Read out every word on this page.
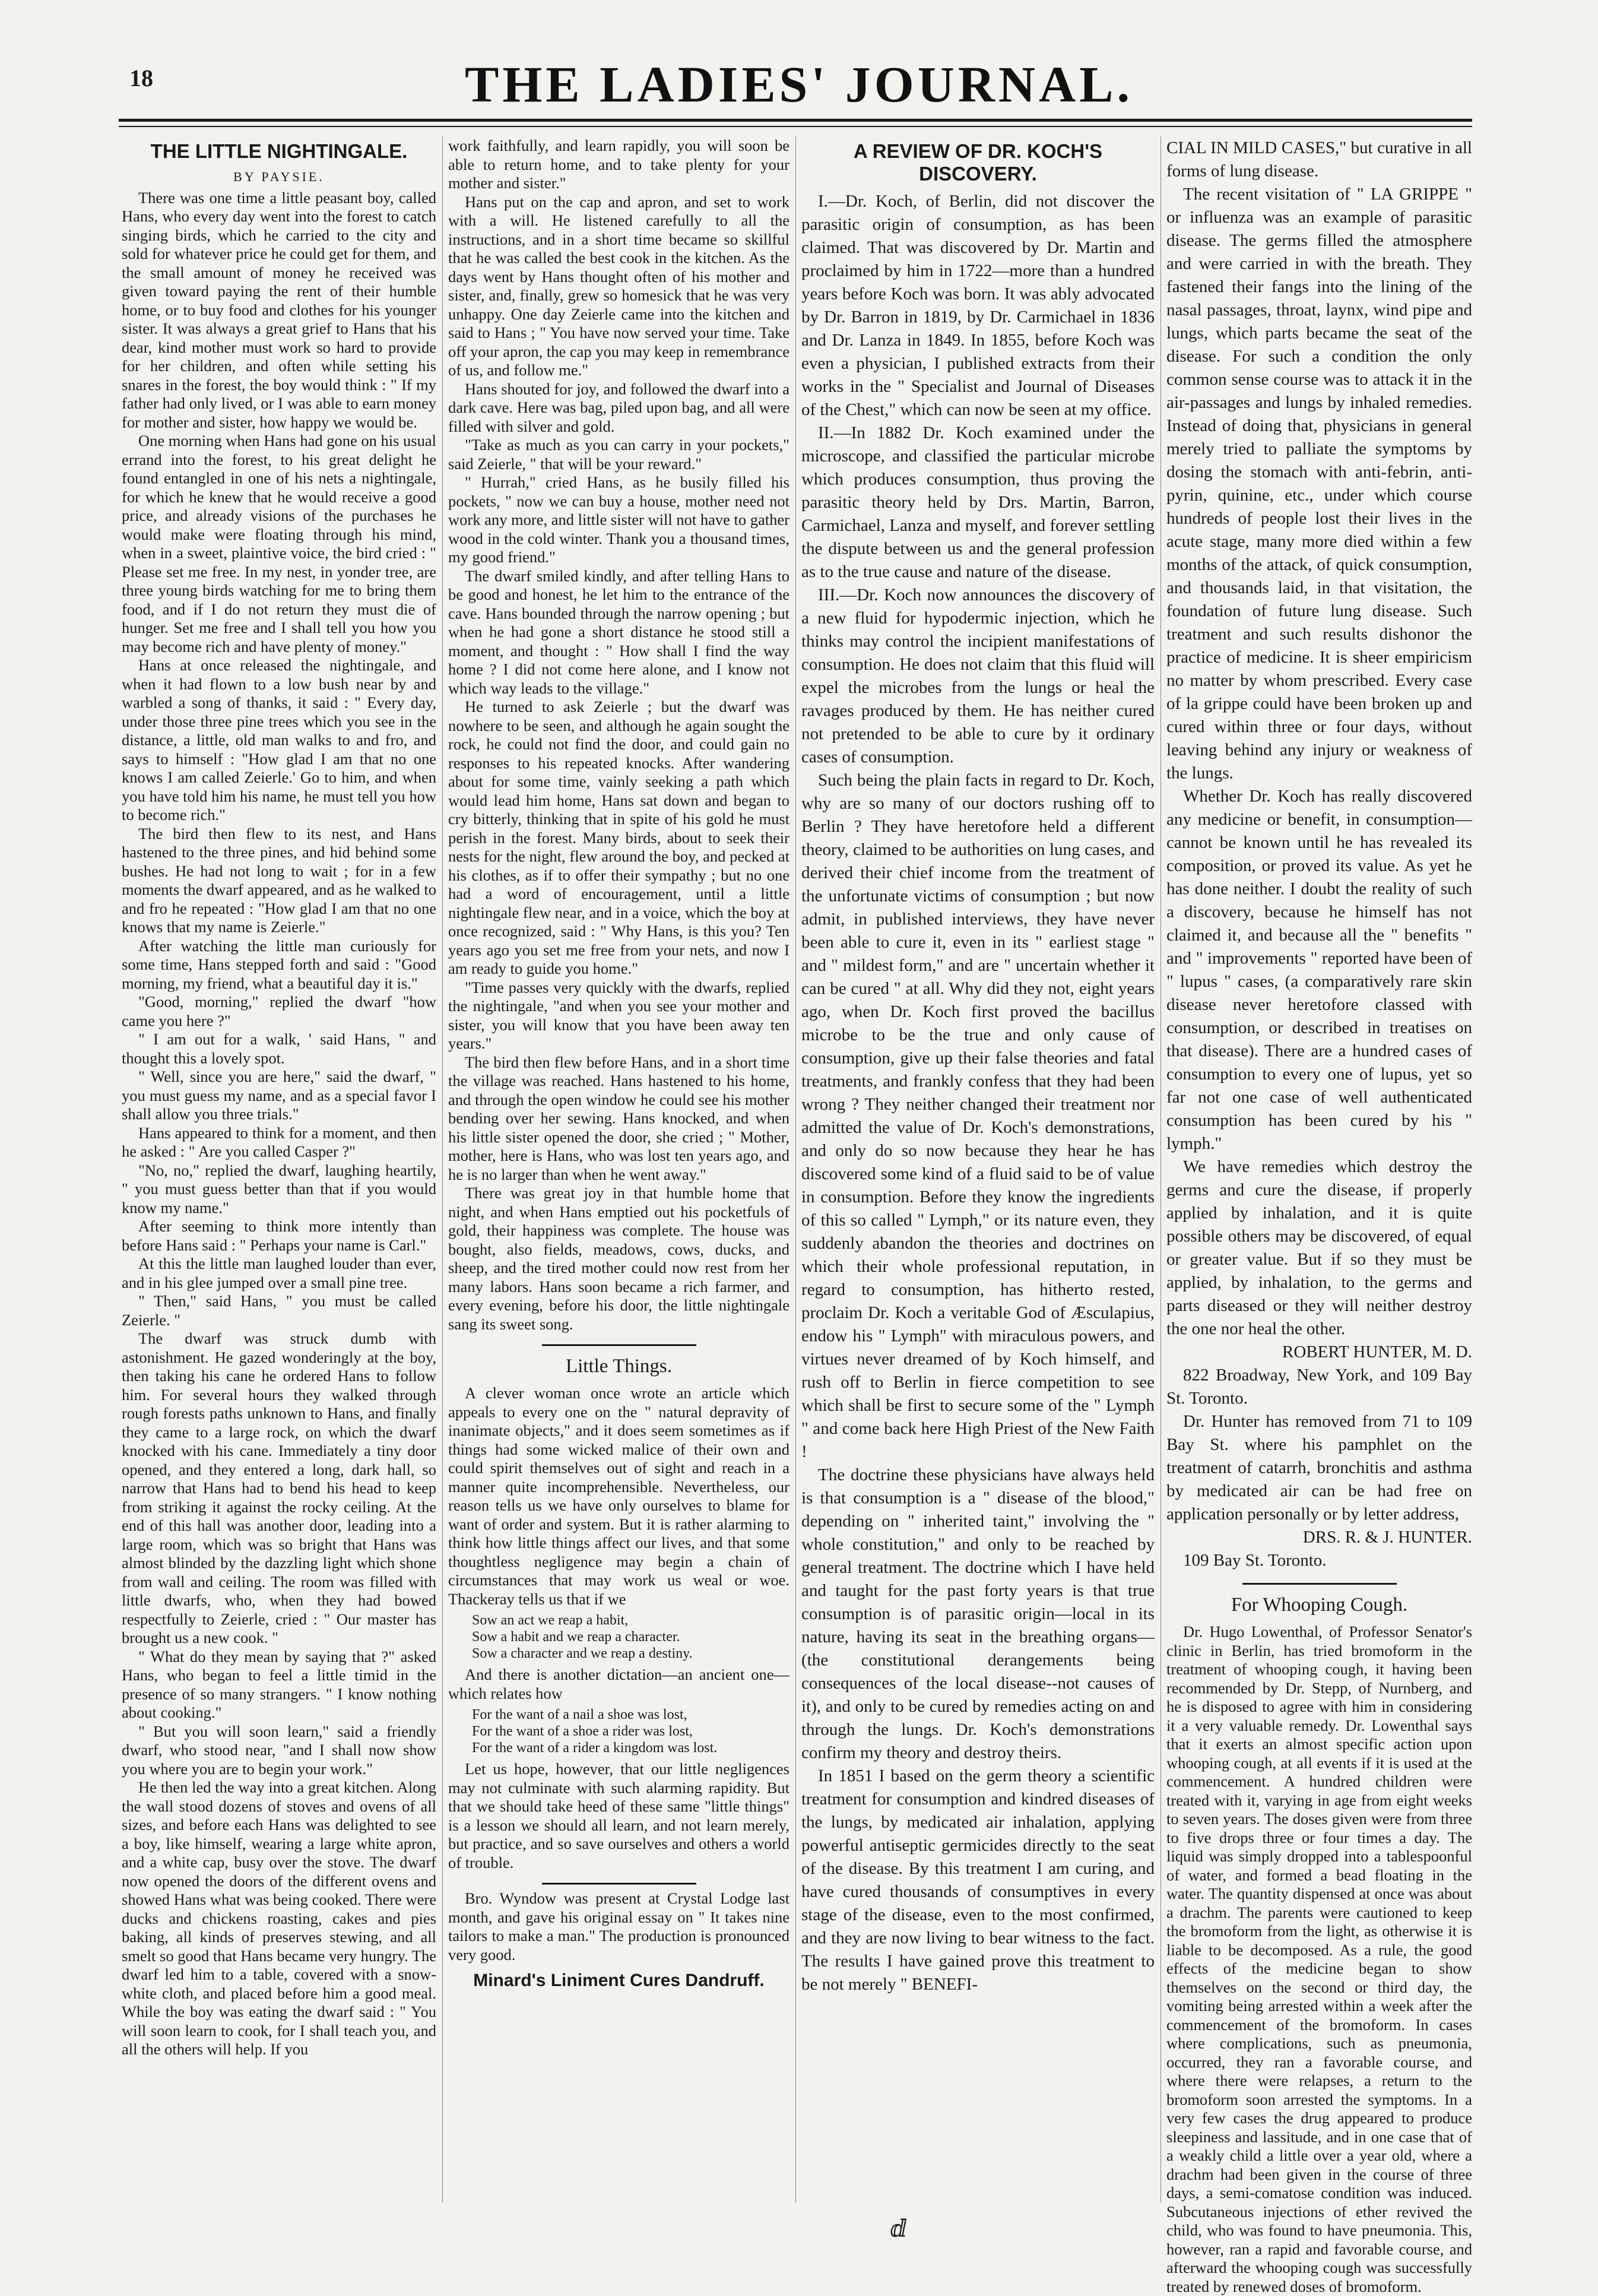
18	THE LADIES' JOURNAL.
THE LITTLE NIGHTINGALE.
BY PAYSIE.

There was one time a little peasant boy, called Hans, who every day went into the forest to catch singing birds, which he carried to the city and sold for whatever price he could get for them, and the small amount of money he received was given toward paying the rent of their humble home, or to buy food and clothes for his younger sister. It was always a great grief to Hans that his dear, kind mother must work so hard to provide for her children, and often while setting his snares in the forest, the boy would think : " If my father had only lived, or I was able to earn money for mother and sister, how happy we would be.

One morning when Hans had gone on his usual errand into the forest, to his great delight he found entangled in one of his nets a nightingale, for which he knew that he would receive a good price, and already visions of the purchases he would make were floating through his mind, when in a sweet, plaintive voice, the bird cried : " Please set me free. In my nest, in yonder tree, are three young birds watching for me to bring them food, and if I do not return they must die of hunger. Set me free and I shall tell you how you may become rich and have plenty of money."

Hans at once released the nightingale, and when it had flown to a low bush near by and warbled a song of thanks, it said : " Every day, under those three pine trees which you see in the distance, a little, old man walks to and fro, and says to himself : "How glad I am that no one knows I am called Zeierle.' Go to him, and when you have told him his name, he must tell you how to become rich."

The bird then flew to its nest, and Hans hastened to the three pines, and hid behind some bushes. He had not long to wait ; for in a few moments the dwarf appeared, and as he walked to and fro he repeated : "How glad I am that no one knows that my name is Zeierle."

After watching the little man curiously for some time, Hans stepped forth and said : "Good morning, my friend, what a beautiful day it is."

"Good, morning," replied the dwarf "how came you here ?"

" I am out for a walk, ' said Hans, " and thought this a lovely spot.

" Well, since you are here," said the dwarf, " you must guess my name, and as a special favor I shall allow you three trials."

Hans appeared to think for a moment, and then he asked : " Are you called Casper ?"

"No, no," replied the dwarf, laughing heartily, " you must guess better than that if you would know my name."

After seeming to think more intently than before Hans said : " Perhaps your name is Carl."

At this the little man laughed louder than ever, and in his glee jumped over a small pine tree.

" Then," said Hans, " you must be called Zeierle. "

The dwarf was struck dumb with astonishment. He gazed wonderingly at the boy, then taking his cane he ordered Hans to follow him. For several hours they walked through rough forests paths unknown to Hans, and finally they came to a large rock, on which the dwarf knocked with his cane. Immediately a tiny door opened, and they entered a long, dark hall, so narrow that Hans had to bend his head to keep from striking it against the rocky ceiling. At the end of this hall was another door, leading into a large room, which was so bright that Hans was almost blinded by the dazzling light which shone from wall and ceiling. The room was filled with little dwarfs, who, when they had bowed respectfully to Zeierle, cried : " Our master has brought us a new cook. "

" What do they mean by saying that ?" asked Hans, who began to feel a little timid in the presence of so many strangers. " I know nothing about cooking."

" But you will soon learn," said a friendly dwarf, who stood near, "and I shall now show you where you are to begin your work."

He then led the way into a great kitchen. Along the wall stood dozens of stoves and ovens of all sizes, and before each Hans was delighted to see a boy, like himself, wearing a large white apron, and a white cap, busy over the stove. The dwarf now opened the doors of the different ovens and showed Hans what was being cooked. There were ducks and chickens roasting, cakes and pies baking, all kinds of preserves stewing, and all smelt so good that Hans became very hungry. The dwarf led him to a table, covered with a snow-white cloth, and placed before him a good meal. While the boy was eating the dwarf said : " You will soon learn to cook, for I shall teach you, and all the others will help. If you

work faithfully, and learn rapidly, you will soon be able to return home, and to take plenty for your mother and sister."

Hans put on the cap and apron, and set to work with a will. He listened carefully to all the instructions, and in a short time became so skillful that he was called the best cook in the kitchen. As the days went by Hans thought often of his mother and sister, and, finally, grew so homesick that he was very unhappy. One day Zeierle came into the kitchen and said to Hans ; " You have now served your time. Take off your apron, the cap you may keep in remembrance of us, and follow me."

Hans shouted for joy, and followed the dwarf into a dark cave. Here was bag, piled upon bag, and all were filled with silver and gold.

"Take as much as you can carry in your pockets," said Zeierle, " that will be your reward."

" Hurrah," cried Hans, as he busily filled his pockets, " now we can buy a house, mother need not work any more, and little sister will not have to gather wood in the cold winter. Thank you a thousand times, my good friend."

The dwarf smiled kindly, and after telling Hans to be good and honest, he let him to the entrance of the cave. Hans bounded through the narrow opening ; but when he had gone a short distance he stood still a moment, and thought : " How shall I find the way home ? I did not come here alone, and I know not which way leads to the village."

He turned to ask Zeierle ; but the dwarf was nowhere to be seen, and although he again sought the rock, he could not find the door, and could gain no responses to his repeated knocks. After wandering about for some time, vainly seeking a path which would lead him home, Hans sat down and began to cry bitterly, thinking that in spite of his gold he must perish in the forest. Many birds, about to seek their nests for the night, flew around the boy, and pecked at his clothes, as if to offer their sympathy ; but no one had a word of encouragement, until a little nightingale flew near, and in a voice, which the boy at once recognized, said : " Why Hans, is this you? Ten years ago you set me free from your nets, and now I am ready to guide you home."

"Time passes very quickly with the dwarfs, replied the nightingale, "and when you see your mother and sister, you will know that you have been away ten years."

The bird then flew before Hans, and in a short time the village was reached. Hans hastened to his home, and through the open window he could see his mother bending over her sewing. Hans knocked, and when his little sister opened the door, she cried ; " Mother, mother, here is Hans, who was lost ten years ago, and he is no larger than when he went away."

There was great joy in that humble home that night, and when Hans emptied out his pocketfuls of gold, their happiness was complete. The house was bought, also fields, meadows, cows, ducks, and sheep, and the tired mother could now rest from her many labors. Hans soon became a rich farmer, and every evening, before his door, the little nightingale sang its sweet song.

Little Things.

A clever woman once wrote an article which appeals to every one on the " natural depravity of inanimate objects," and it does seem sometimes as if things had some wicked malice of their own and could spirit themselves out of sight and reach in a manner quite incomprehensible. Nevertheless, our reason tells us we have only ourselves to blame for want of order and system. But it is rather alarming to think how little things affect our lives, and that some thoughtless negligence may begin a chain of circumstances that may work us weal or woe. Thackeray tells us that if we

Sow an act we reap a habit,
Sow a habit and we reap a character.
Sow a character and we reap a destiny.

And there is another dictation—an ancient one—which relates how

For the want of a nail a shoe was lost,
For the want of a shoe a rider was lost,
For the want of a rider a kingdom was lost.

Let us hope, however, that our little negligences may not culminate with such alarming rapidity. But that we should take heed of these same "little things" is a lesson we should all learn, and not learn merely, but practice, and so save ourselves and others a world of trouble.

Bro. Wyndow was present at Crystal Lodge last month, and gave his original essay on " It takes nine tailors to make a man." The production is pronounced very good.

Minard's Liniment Cures Dandruff.
A REVIEW OF DR. KOCH'S DISCOVERY.

I.—Dr. Koch, of Berlin, did not discover the parasitic origin of consumption, as has been claimed. That was discovered by Dr. Martin and proclaimed by him in 1722—more than a hundred years before Koch was born. It was ably advocated by Dr. Barron in 1819, by Dr. Carmichael in 1836 and Dr. Lanza in 1849. In 1855, before Koch was even a physician, I published extracts from their works in the " Specialist and Journal of Diseases of the Chest," which can now be seen at my office.

II.—In 1882 Dr. Koch examined under the microscope, and classified the particular microbe which produces consumption, thus proving the parasitic theory held by Drs. Martin, Barron, Carmichael, Lanza and myself, and forever settling the dispute between us and the general profession as to the true cause and nature of the disease.

III.—Dr. Koch now announces the discovery of a new fluid for hypodermic injection, which he thinks may control the incipient manifestations of consumption. He does not claim that this fluid will expel the microbes from the lungs or heal the ravages produced by them. He has neither cured not pretended to be able to cure by it ordinary cases of consumption.

Such being the plain facts in regard to Dr. Koch, why are so many of our doctors rushing off to Berlin ? They have heretofore held a different theory, claimed to be authorities on lung cases, and derived their chief income from the treatment of the unfortunate victims of consumption ; but now admit, in published interviews, they have never been able to cure it, even in its " earliest stage " and " mildest form," and are " uncertain whether it can be cured " at all. Why did they not, eight years ago, when Dr. Koch first proved the bacillus microbe to be the true and only cause of consumption, give up their false theories and fatal treatments, and frankly confess that they had been wrong ? They neither changed their treatment nor admitted the value of Dr. Koch's demonstrations, and only do so now because they hear he has discovered some kind of a fluid said to be of value in consumption. Before they know the ingredients of this so called " Lymph," or its nature even, they suddenly abandon the theories and doctrines on which their whole professional reputation, in regard to consumption, has hitherto rested, proclaim Dr. Koch a veritable God of Æsculapius, endow his " Lymph" with miraculous powers, and virtues never dreamed of by Koch himself, and rush off to Berlin in fierce competition to see which shall be first to secure some of the " Lymph " and come back here High Priest of the New Faith !

The doctrine these physicians have always held is that consumption is a " disease of the blood," depending on " inherited taint," involving the " whole constitution," and only to be reached by general treatment. The doctrine which I have held and taught for the past forty years is that true consumption is of parasitic origin—local in its nature, having its seat in the breathing organs—(the constitutional derangements being consequences of the local disease--not causes of it), and only to be cured by remedies acting on and through the lungs. Dr. Koch's demonstrations confirm my theory and destroy theirs.

In 1851 I based on the germ theory a scientific treatment for consumption and kindred diseases of the lungs, by medicated air inhalation, applying powerful antiseptic germicides directly to the seat of the disease. By this treatment I am curing, and have cured thousands of consumptives in every stage of the disease, even to the most confirmed, and they are now living to bear witness to the fact. The results I have gained prove this treatment to be not merely " BENEFI-

CIAL IN MILD CASES," but curative in all forms of lung disease.

The recent visitation of " LA GRIPPE " or influenza was an example of parasitic disease. The germs filled the atmosphere and were carried in with the breath. They fastened their fangs into the lining of the nasal passages, throat, laynx, wind pipe and lungs, which parts became the seat of the disease. For such a condition the only common sense course was to attack it in the air-passages and lungs by inhaled remedies. Instead of doing that, physicians in general merely tried to palliate the symptoms by dosing the stomach with anti-febrin, anti-pyrin, quinine, etc., under which course hundreds of people lost their lives in the acute stage, many more died within a few months of the attack, of quick consumption, and thousands laid, in that visitation, the foundation of future lung disease. Such treatment and such results dishonor the practice of medicine. It is sheer empiricism no matter by whom prescribed. Every case of la grippe could have been broken up and cured within three or four days, without leaving behind any injury or weakness of the lungs.

Whether Dr. Koch has really discovered any medicine or benefit, in consumption—cannot be known until he has revealed its composition, or proved its value. As yet he has done neither. I doubt the reality of such a discovery, because he himself has not claimed it, and because all the " benefits " and " improvements " reported have been of " lupus " cases, (a comparatively rare skin disease never heretofore classed with consumption, or described in treatises on that disease). There are a hundred cases of consumption to every one of lupus, yet so far not one case of well authenticated consumption has been cured by his " lymph."

We have remedies which destroy the germs and cure the disease, if properly applied by inhalation, and it is quite possible others may be discovered, of equal or greater value. But if so they must be applied, by inhalation, to the germs and parts diseased or they will neither destroy the one nor heal the other.

ROBERT HUNTER, M. D.

822 Broadway, New York, and 109 Bay St. Toronto.

Dr. Hunter has removed from 71 to 109 Bay St. where his pamphlet on the treatment of catarrh, bronchitis and asthma by medicated air can be had free on application personally or by letter address,

DRS. R. & J. HUNTER.

109 Bay St. Toronto.

For Whooping Cough.

Dr. Hugo Lowenthal, of Professor Senator's clinic in Berlin, has tried bromoform in the treatment of whooping cough, it having been recommended by Dr. Stepp, of Nurnberg, and he is disposed to agree with him in considering it a very valuable remedy. Dr. Lowenthal says that it exerts an almost specific action upon whooping cough, at all events if it is used at the commencement. A hundred children were treated with it, varying in age from eight weeks to seven years. The doses given were from three to five drops three or four times a day. The liquid was simply dropped into a tablespoonful of water, and formed a bead floating in the water. The quantity dispensed at once was about a drachm. The parents were cautioned to keep the bromoform from the light, as otherwise it is liable to be decomposed. As a rule, the good effects of the medicine began to show themselves on the second or third day, the vomiting being arrested within a week after the commencement of the bromoform. In cases where complications, such as pneumonia, occurred, they ran a favorable course, and where there were relapses, a return to the bromoform soon arrested the symptoms. In a very few cases the drug appeared to produce sleepiness and lassitude, and in one case that of a weakly child a little over a year old, where a drachm had been given in the course of three days, a semi-comatose condition was induced. Subcutaneous injections of ether revived the child, who was found to have pneumonia. This, however, ran a rapid and favorable course, and afterward the whooping cough was successfully treated by renewed doses of bromoform.

ⅆ
